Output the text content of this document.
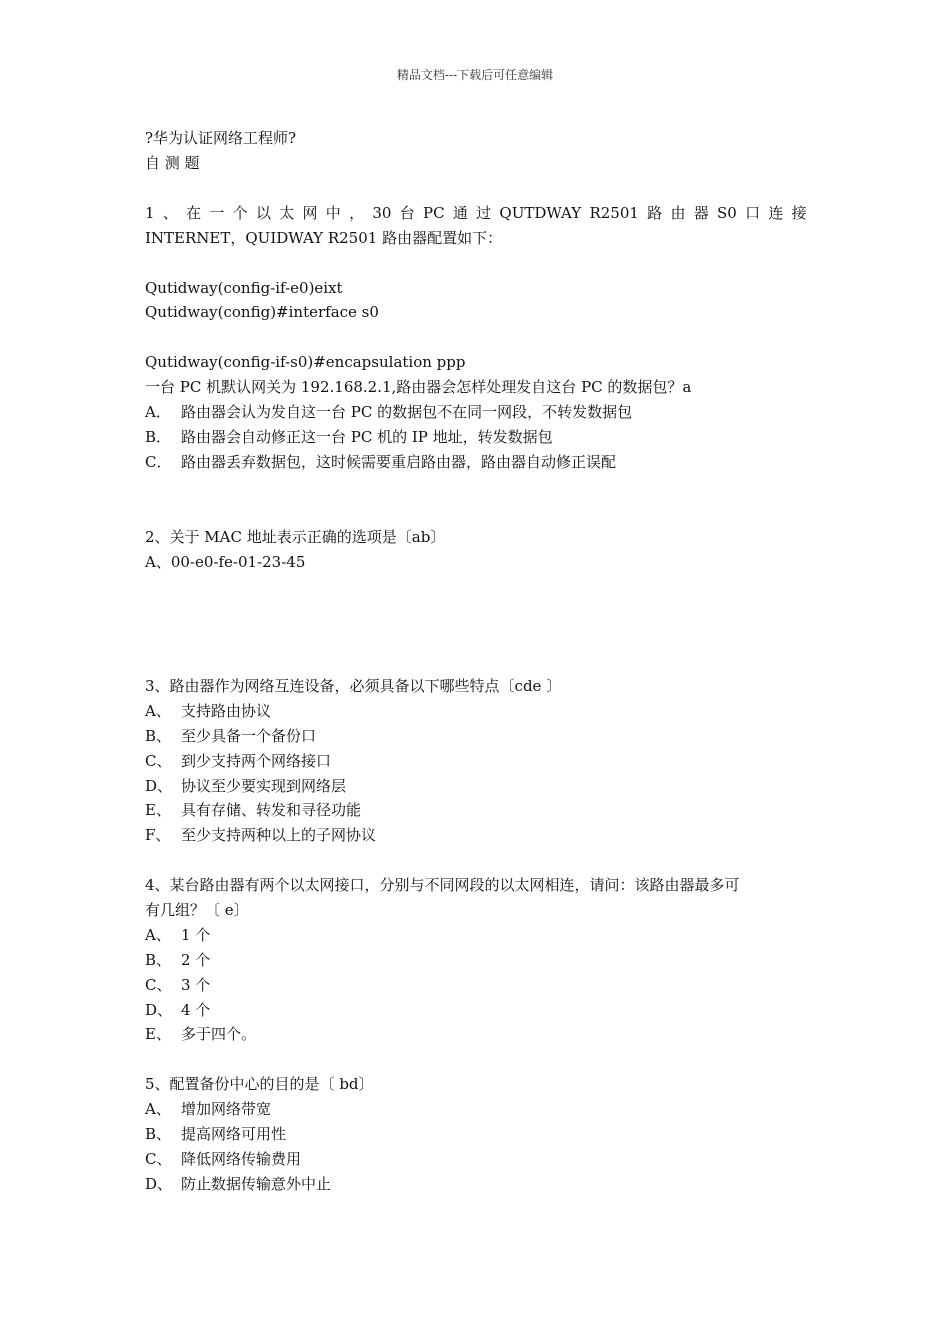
精品文档---下载后可任意编辑
?华为认证网络工程师?
自 测 题
1 、 在 一 个 以 太 网 中 ， 30 台 PC 通 过 QUTDWAY R2501 路 由 器 S0 口 连 接
INTERNET，QUIDWAY R2501 路由器配置如下：
Qutidway(config-if-e0)eixt
Qutidway(config)#interface s0
Qutidway(config-if-s0)#encapsulation ppp
一台 PC 机默认网关为 192.168.2.1,路由器会怎样处理发自这台 PC 的数据包？a
A． 路由器会认为发自这一台 PC 的数据包不在同一网段，不转发数据包
B． 路由器会自动修正这一台 PC 机的 IP 地址，转发数据包
C． 路由器丢弃数据包，这时候需要重启路由器，路由器自动修正误配
2、关于 MAC 地址表示正确的选项是〔ab〕
A、00-e0-fe-01-23-45
3、路由器作为网络互连设备，必须具备以下哪些特点〔cde 〕
A、 支持路由协议
B、 至少具备一个备份口
C、 到少支持两个网络接口
D、 协议至少要实现到网络层
E、 具有存储、转发和寻径功能
F、 至少支持两种以上的子网协议
4、某台路由器有两个以太网接口，分别与不同网段的以太网相连，请问：该路由器最多可
有几组？〔 e〕
A、 1 个
B、 2 个
C、 3 个
D、 4 个
E、 多于四个。
5、配置备份中心的目的是〔 bd〕
A、 增加网络带宽
B、 提高网络可用性
C、 降低网络传输费用
D、 防止数据传输意外中止
